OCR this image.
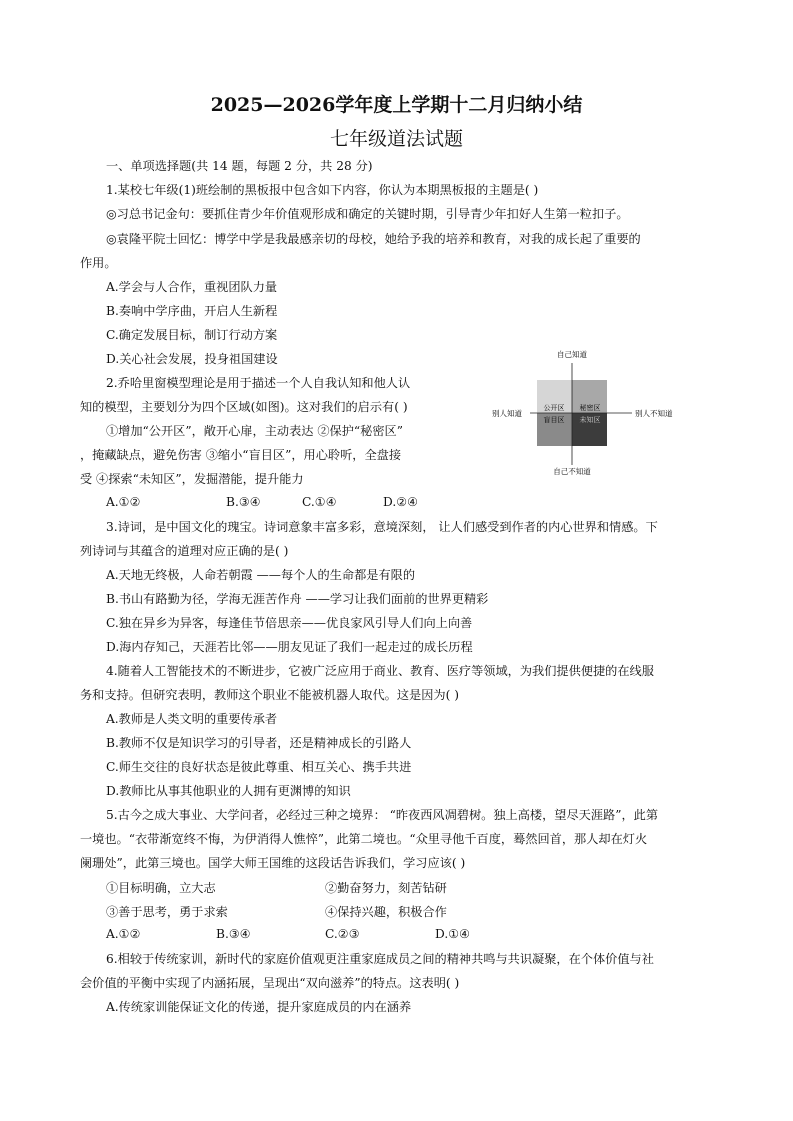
2025—2026学年度上学期十二月归纳小结
七年级道法试题
一、单项选择题(共 14 题，每题 2 分，共 28 分)
1.某校七年级(1)班绘制的黑板报中包含如下内容，你认为本期黑板报的主题是( )
◎习总书记金句：要抓住青少年价值观形成和确定的关键时期，引导青少年扣好人生第一粒扣子。
◎袁隆平院士回忆：博学中学是我最感亲切的母校，她给予我的培养和教育，对我的成长起了重要的
作用。
A.学会与人合作，重视团队力量
B.奏响中学序曲，开启人生新程
C.确定发展目标，制订行动方案
D.关心社会发展，投身祖国建设
2.乔哈里窗模型理论是用于描述一个人自我认知和他人认
知的模型，主要划分为四个区域(如图)。这对我们的启示有( )
①增加“公开区”，敞开心扉，主动表达 ②保护“秘密区”
，掩藏缺点，避免伤害 ③缩小“盲目区”，用心聆听，全盘接
受 ④探索“未知区”，发掘潜能，提升能力
A.①②	B.③④	C.①④	D.②④
自己知道
自己不知道
别人知道	别人不知道
公开区 秘密区
盲目区 未知区
3.诗词，是中国文化的瑰宝。诗词意象丰富多彩，意境深刻， 让人们感受到作者的内心世界和情感。下
列诗词与其蕴含的道理对应正确的是( )
A.天地无终极，人命若朝霞 ——每个人的生命都是有限的
B.书山有路勤为径，学海无涯苦作舟 ——学习让我们面前的世界更精彩
C.独在异乡为异客，每逢佳节倍思亲——优良家风引导人们向上向善
D.海内存知己，天涯若比邻——朋友见证了我们一起走过的成长历程
4.随着人工智能技术的不断进步，它被广泛应用于商业、教育、医疗等领域，为我们提供便捷的在线服
务和支持。但研究表明，教师这个职业不能被机器人取代。这是因为( )
A.教师是人类文明的重要传承者
B.教师不仅是知识学习的引导者，还是精神成长的引路人
C.师生交往的良好状态是彼此尊重、相互关心、携手共进
D.教师比从事其他职业的人拥有更渊博的知识
5.古今之成大事业、大学问者，必经过三种之境界： “昨夜西风凋碧树。独上高楼，望尽天涯路”，此第
一境也。“衣带渐宽终不悔，为伊消得人憔悴”，此第二境也。“众里寻他千百度，蓦然回首，那人却在灯火
阑珊处”，此第三境也。国学大师王国维的这段话告诉我们，学习应该( )
①目标明确，立大志	②勤奋努力，刻苦钻研
③善于思考，勇于求索	④保持兴趣，积极合作
A.①②	B.③④	C.②③	D.①④
6.相较于传统家训，新时代的家庭价值观更注重家庭成员之间的精神共鸣与共识凝聚，在个体价值与社
会价值的平衡中实现了内涵拓展，呈现出“双向滋养”的特点。这表明( )
A.传统家训能保证文化的传递，提升家庭成员的内在涵养
